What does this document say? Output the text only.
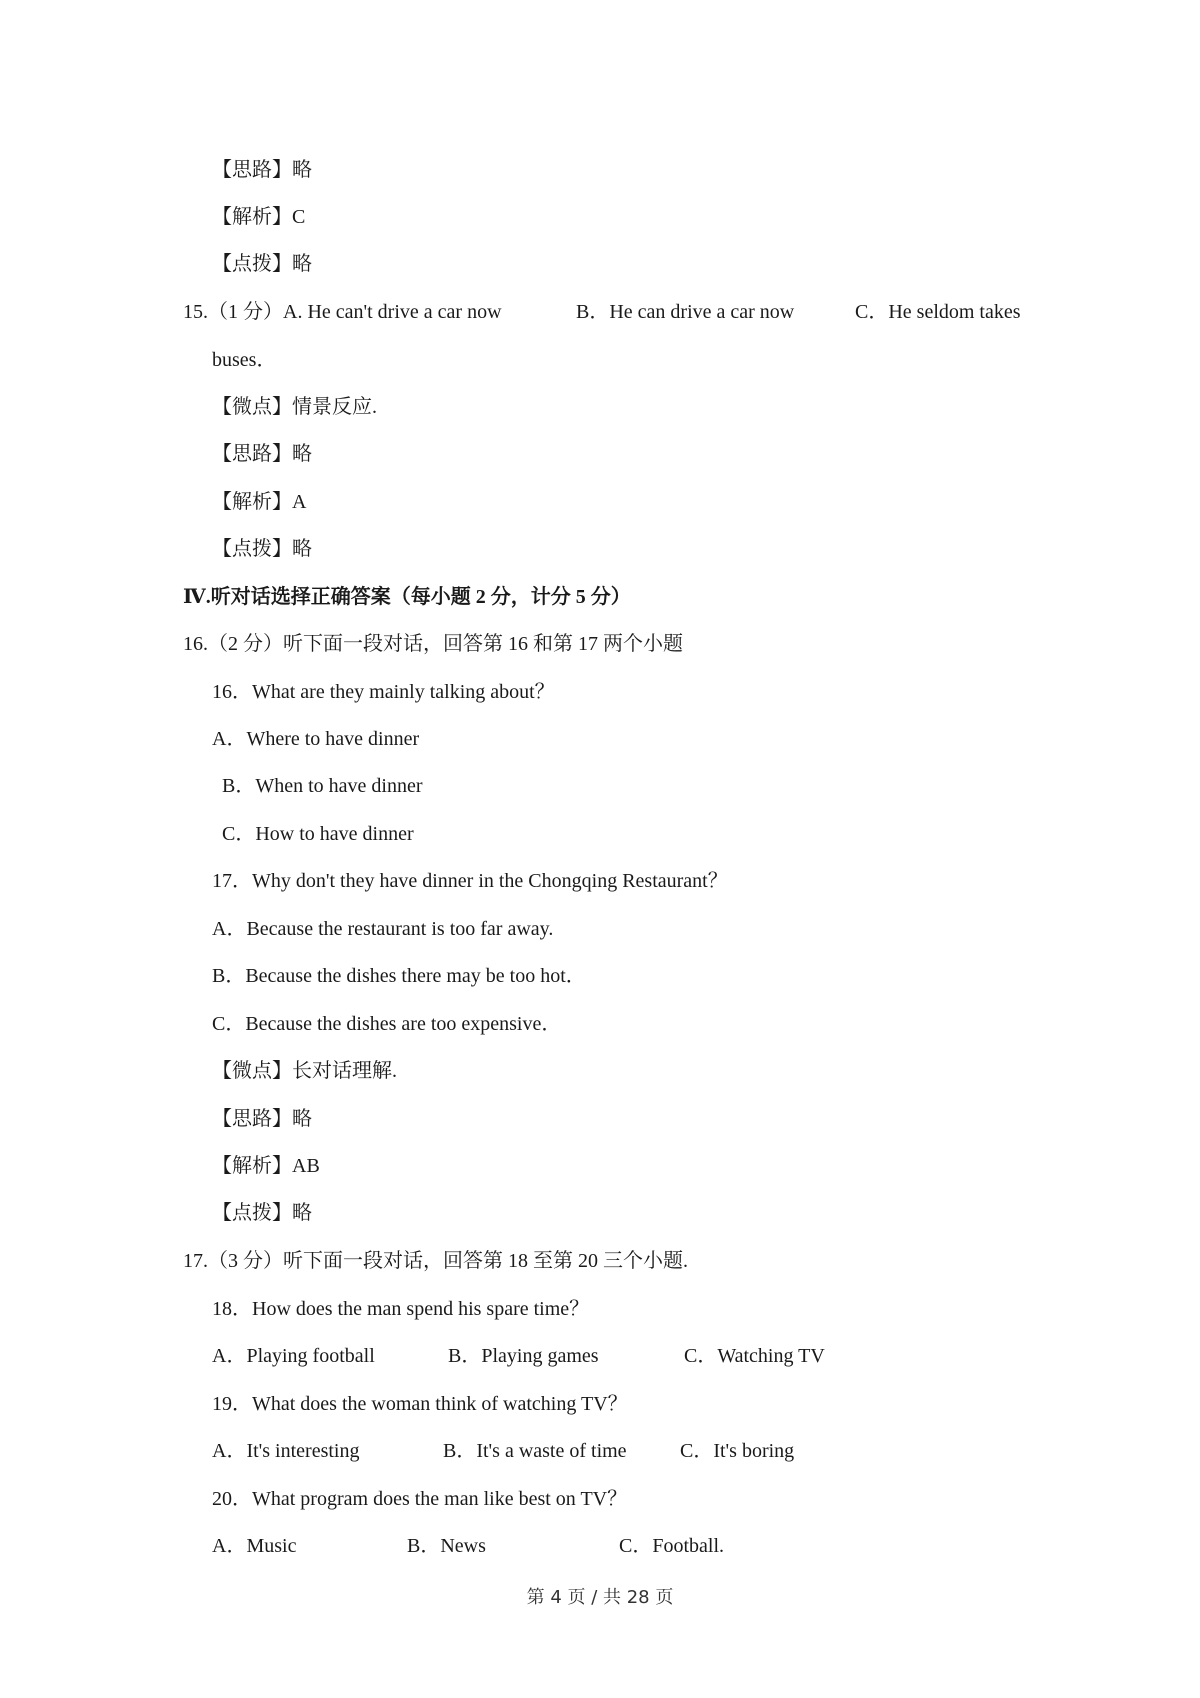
【思路】略
【解析】C
【点拨】略
15.（1 分） A. He can't drive a car now	B．He can drive a car now	C．He seldom takes
buses．
【微点】情景反应.
【思路】略
【解析】A
【点拨】略
Ⅳ.听对话选择正确答案（每小题 2 分，计分 5 分）
16.（2 分）听下面一段对话，回答第 16 和第 17 两个小题
16．What are they mainly talking about？
A．Where to have dinner
B．When to have dinner
C．How to have dinner
17．Why don't they have dinner in the Chongqing Restaurant？
A．Because the restaurant is too far away.
B．Because the dishes there may be too hot．
C．Because the dishes are too expensive．
【微点】长对话理解.
【思路】略
【解析】AB
【点拨】略
17.（3 分）听下面一段对话，回答第 18 至第 20 三个小题.
18．How does the man spend his spare time？
A．Playing football	B．Playing games	C．Watching TV
19．What does the woman think of watching TV？
A．It's interesting	B．It's a waste of time	C．It's boring
20．What program does the man like best on TV？
A．Music	B．News	C．Football.
第 4 页 / 共 28 页
